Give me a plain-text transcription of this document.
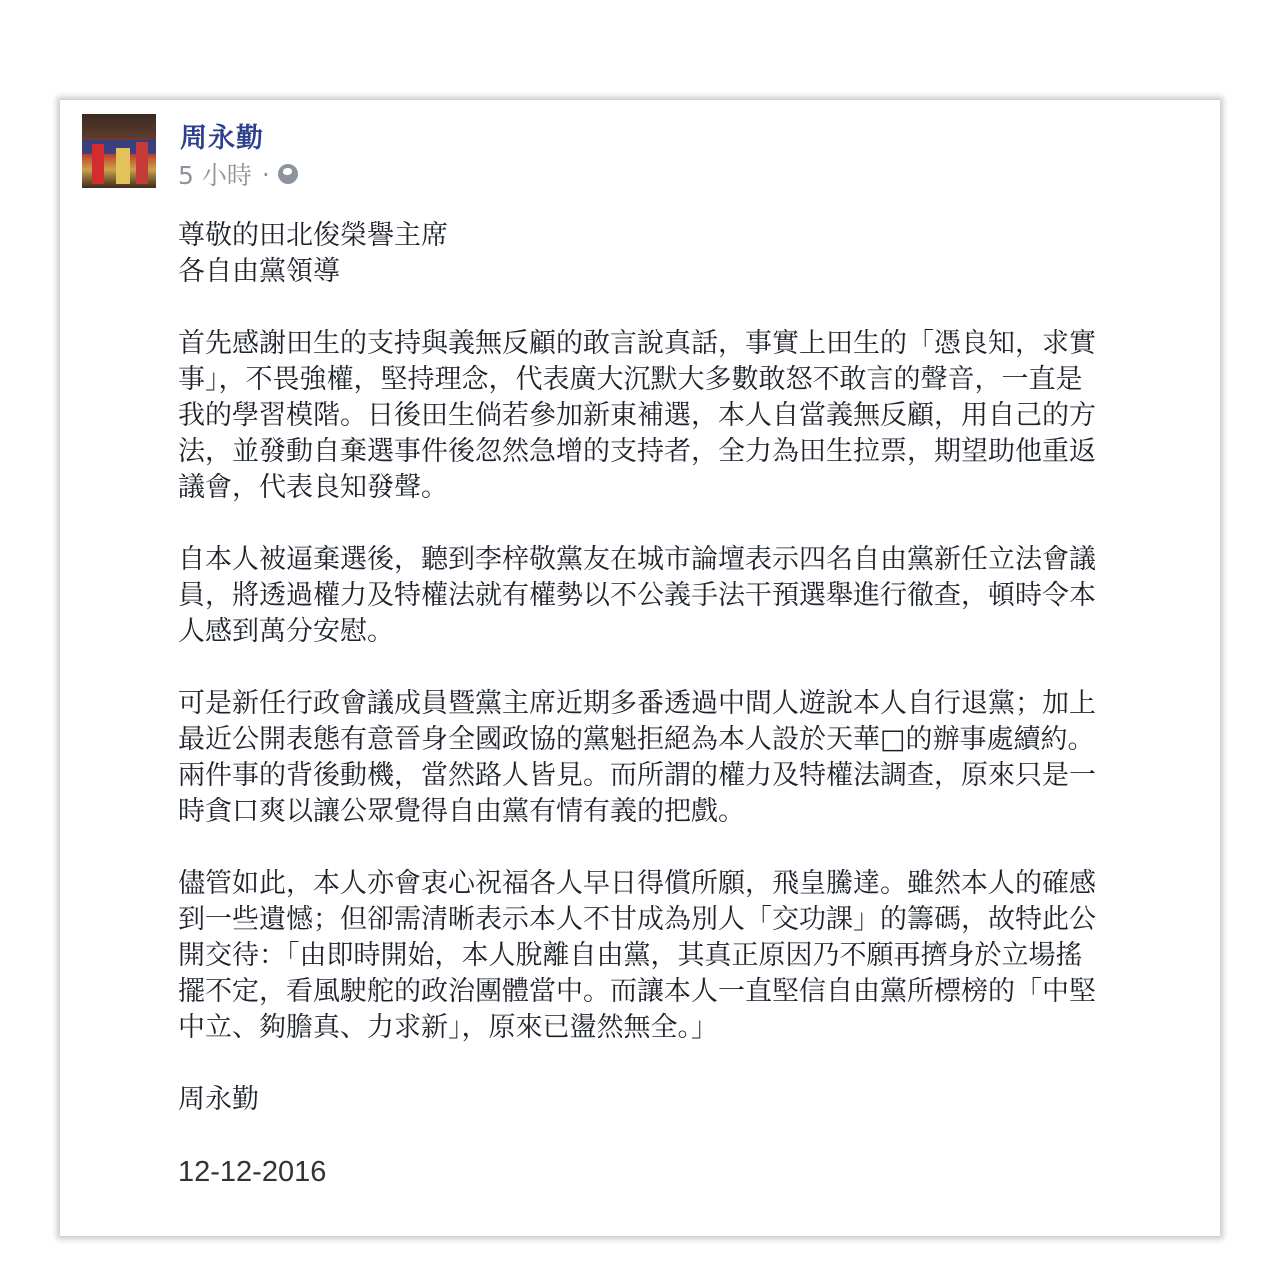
周永勤
5 小時 ·

尊敬的田北俊榮譽主席
各自由黨領導

首先感謝田生的支持與義無反顧的敢言說真話，事實上田生的「憑良知，求實
事」，不畏強權，堅持理念，代表廣大沉默大多數敢怒不敢言的聲音，一直是
我的學習模階。日後田生倘若參加新東補選，本人自當義無反顧，用自己的方
法，並發動自棄選事件後忽然急增的支持者，全力為田生拉票，期望助他重返
議會，代表良知發聲。

自本人被逼棄選後，聽到李梓敬黨友在城市論壇表示四名自由黨新任立法會議
員，將透過權力及特權法就有權勢以不公義手法干預選舉進行徹查，頓時令本
人感到萬分安慰。

可是新任行政會議成員暨黨主席近期多番透過中間人遊說本人自行退黨；加上
最近公開表態有意晉身全國政協的黨魁拒絕為本人設於天華□的辦事處續約。
兩件事的背後動機，當然路人皆見。而所謂的權力及特權法調查，原來只是一
時貪口爽以讓公眾覺得自由黨有情有義的把戲。

儘管如此，本人亦會衷心祝福各人早日得償所願，飛皇騰達。雖然本人的確感
到一些遺憾；但卻需清晰表示本人不甘成為別人「交功課」的籌碼，故特此公
開交待：「由即時開始，本人脫離自由黨，其真正原因乃不願再擠身於立場搖
擺不定，看風駛舵的政治團體當中。而讓本人一直堅信自由黨所標榜的「中堅
中立、夠膽真、力求新」，原來已盪然無全。」

周永勤

12-12-2016
